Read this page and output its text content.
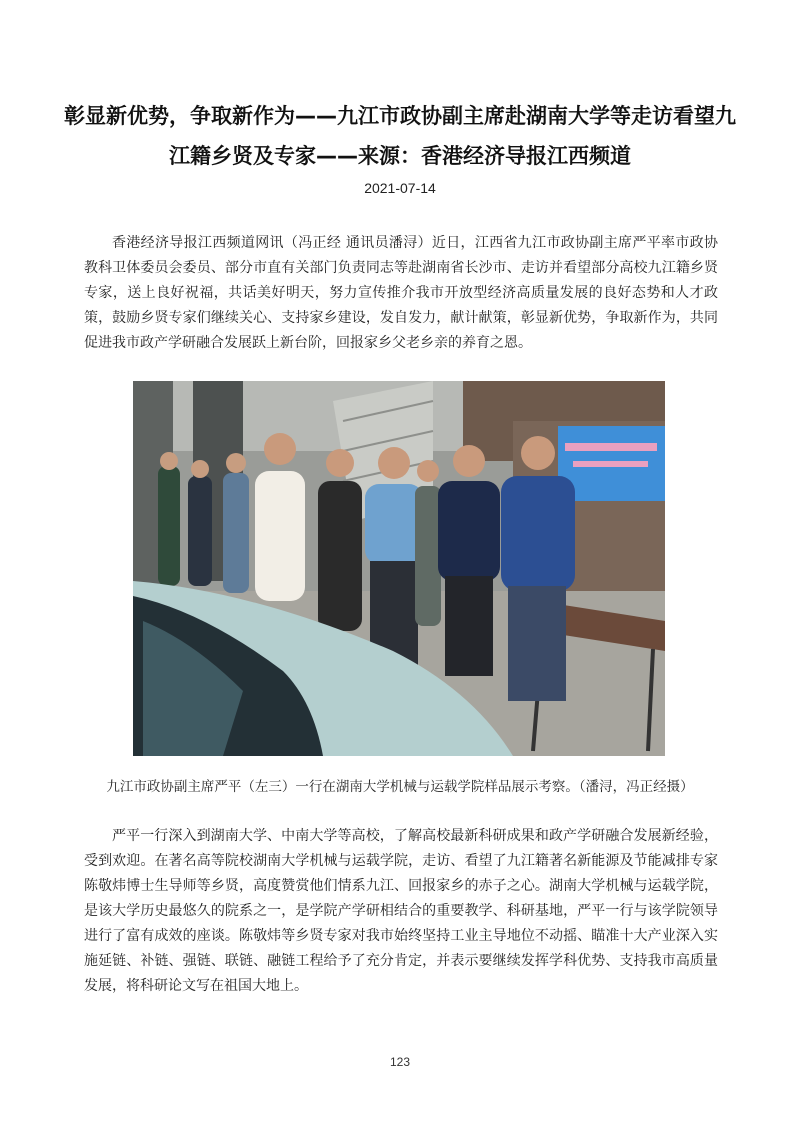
彰显新优势，争取新作为——九江市政协副主席赴湖南大学等走访看望九江籍乡贤及专家——来源：香港经济导报江西频道
2021-07-14

香港经济导报江西频道网讯（冯正经 通讯员潘浔）近日，江西省九江市政协副主席严平率市政协教科卫体委员会委员、部分市直有关部门负责同志等赴湖南省长沙市、走访并看望部分高校九江籍乡贤专家，送上良好祝福，共话美好明天，努力宣传推介我市开放型经济高质量发展的良好态势和人才政策，鼓励乡贤专家们继续关心、支持家乡建设，发自发力，献计献策，彰显新优势，争取新作为，共同促进我市政产学研融合发展跃上新台阶，回报家乡父老乡亲的养育之恩。

九江市政协副主席严平（左三）一行在湖南大学机械与运载学院样品展示考察。（潘浔，冯正经摄）

严平一行深入到湖南大学、中南大学等高校，了解高校最新科研成果和政产学研融合发展新经验，受到欢迎。在著名高等院校湖南大学机械与运载学院，走访、看望了九江籍著名新能源及节能减排专家陈敬炜博士生导师等乡贤，高度赞赏他们情系九江、回报家乡的赤子之心。湖南大学机械与运载学院，是该大学历史最悠久的院系之一，是学院产学研相结合的重要教学、科研基地，严平一行与该学院领导进行了富有成效的座谈。陈敬炜等乡贤专家对我市始终坚持工业主导地位不动摇、瞄准十大产业深入实施延链、补链、强链、联链、融链工程给予了充分肯定，并表示要继续发挥学科优势、支持我市高质量发展，将科研论文写在祖国大地上。

123
